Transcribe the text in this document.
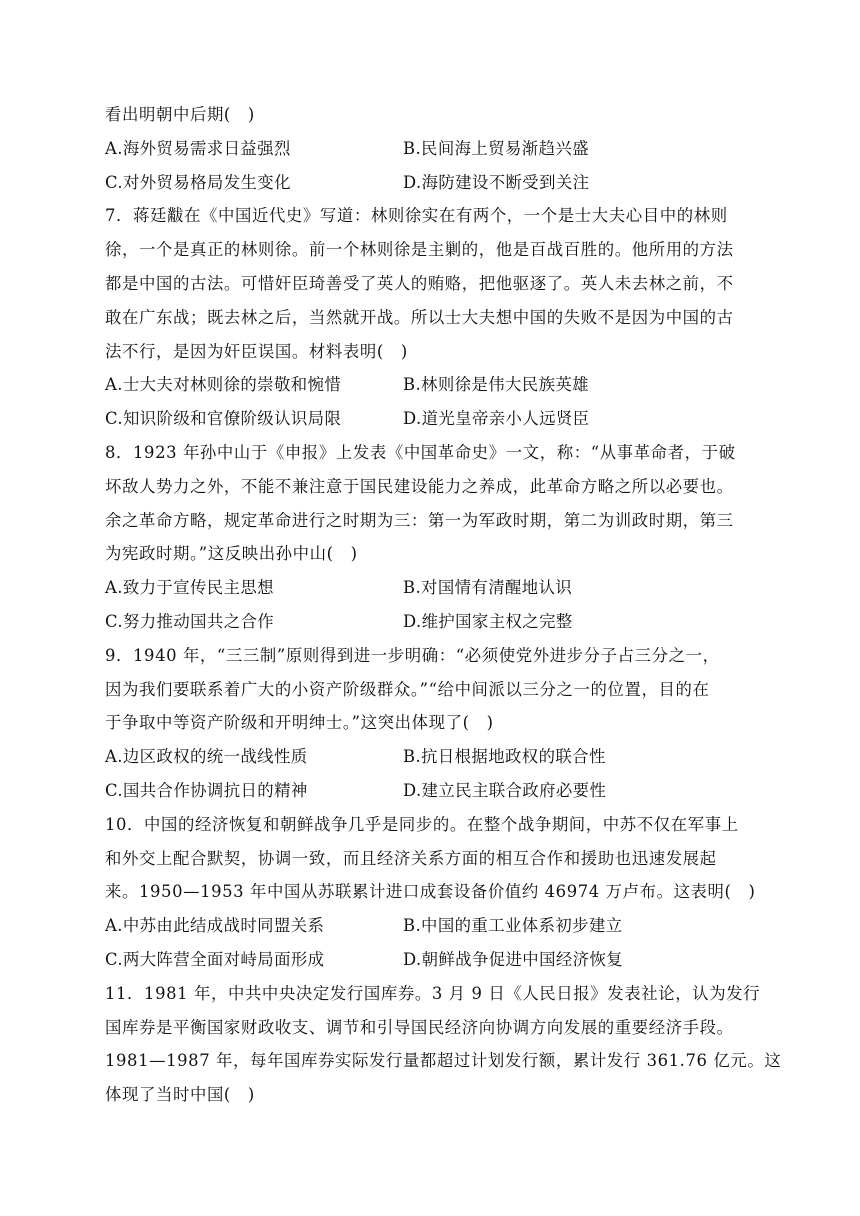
看出明朝中后期(　)
A.海外贸易需求日益强烈	B.民间海上贸易渐趋兴盛
C.对外贸易格局发生变化	D.海防建设不断受到关注
7．蒋廷黻在《中国近代史》写道：林则徐实在有两个，一个是士大夫心目中的林则
徐，一个是真正的林则徐。前一个林则徐是主剿的，他是百战百胜的。他所用的方法
都是中国的古法。可惜奸臣琦善受了英人的贿赂，把他驱逐了。英人未去林之前，不
敢在广东战；既去林之后，当然就开战。所以士大夫想中国的失败不是因为中国的古
法不行，是因为奸臣误国。材料表明(　)
A.士大夫对林则徐的崇敬和惋惜	B.林则徐是伟大民族英雄
C.知识阶级和官僚阶级认识局限	D.道光皇帝亲小人远贤臣
8．1923 年孙中山于《申报》上发表《中国革命史》一文，称：“从事革命者，于破
坏敌人势力之外，不能不兼注意于国民建设能力之养成，此革命方略之所以必要也。
余之革命方略，规定革命进行之时期为三：第一为军政时期，第二为训政时期，第三
为宪政时期。”这反映出孙中山(　)
A.致力于宣传民主思想	B.对国情有清醒地认识
C.努力推动国共之合作	D.维护国家主权之完整
9．1940 年，“三三制”原则得到进一步明确：“必须使党外进步分子占三分之一，
因为我们要联系着广大的小资产阶级群众。”“给中间派以三分之一的位置，目的在
于争取中等资产阶级和开明绅士。”这突出体现了(　)
A.边区政权的统一战线性质	B.抗日根据地政权的联合性
C.国共合作协调抗日的精神	D.建立民主联合政府必要性
10．中国的经济恢复和朝鲜战争几乎是同步的。在整个战争期间，中苏不仅在军事上
和外交上配合默契，协调一致，而且经济关系方面的相互合作和援助也迅速发展起
来。1950—1953 年中国从苏联累计进口成套设备价值约 46974 万卢布。这表明(　)
A.中苏由此结成战时同盟关系	B.中国的重工业体系初步建立
C.两大阵营全面对峙局面形成	D.朝鲜战争促进中国经济恢复
11．1981 年，中共中央决定发行国库券。3 月 9 日《人民日报》发表社论，认为发行
国库券是平衡国家财政收支、调节和引导国民经济向协调方向发展的重要经济手段。
1981—1987 年，每年国库券实际发行量都超过计划发行额，累计发行 361.76 亿元。这
体现了当时中国(　)
